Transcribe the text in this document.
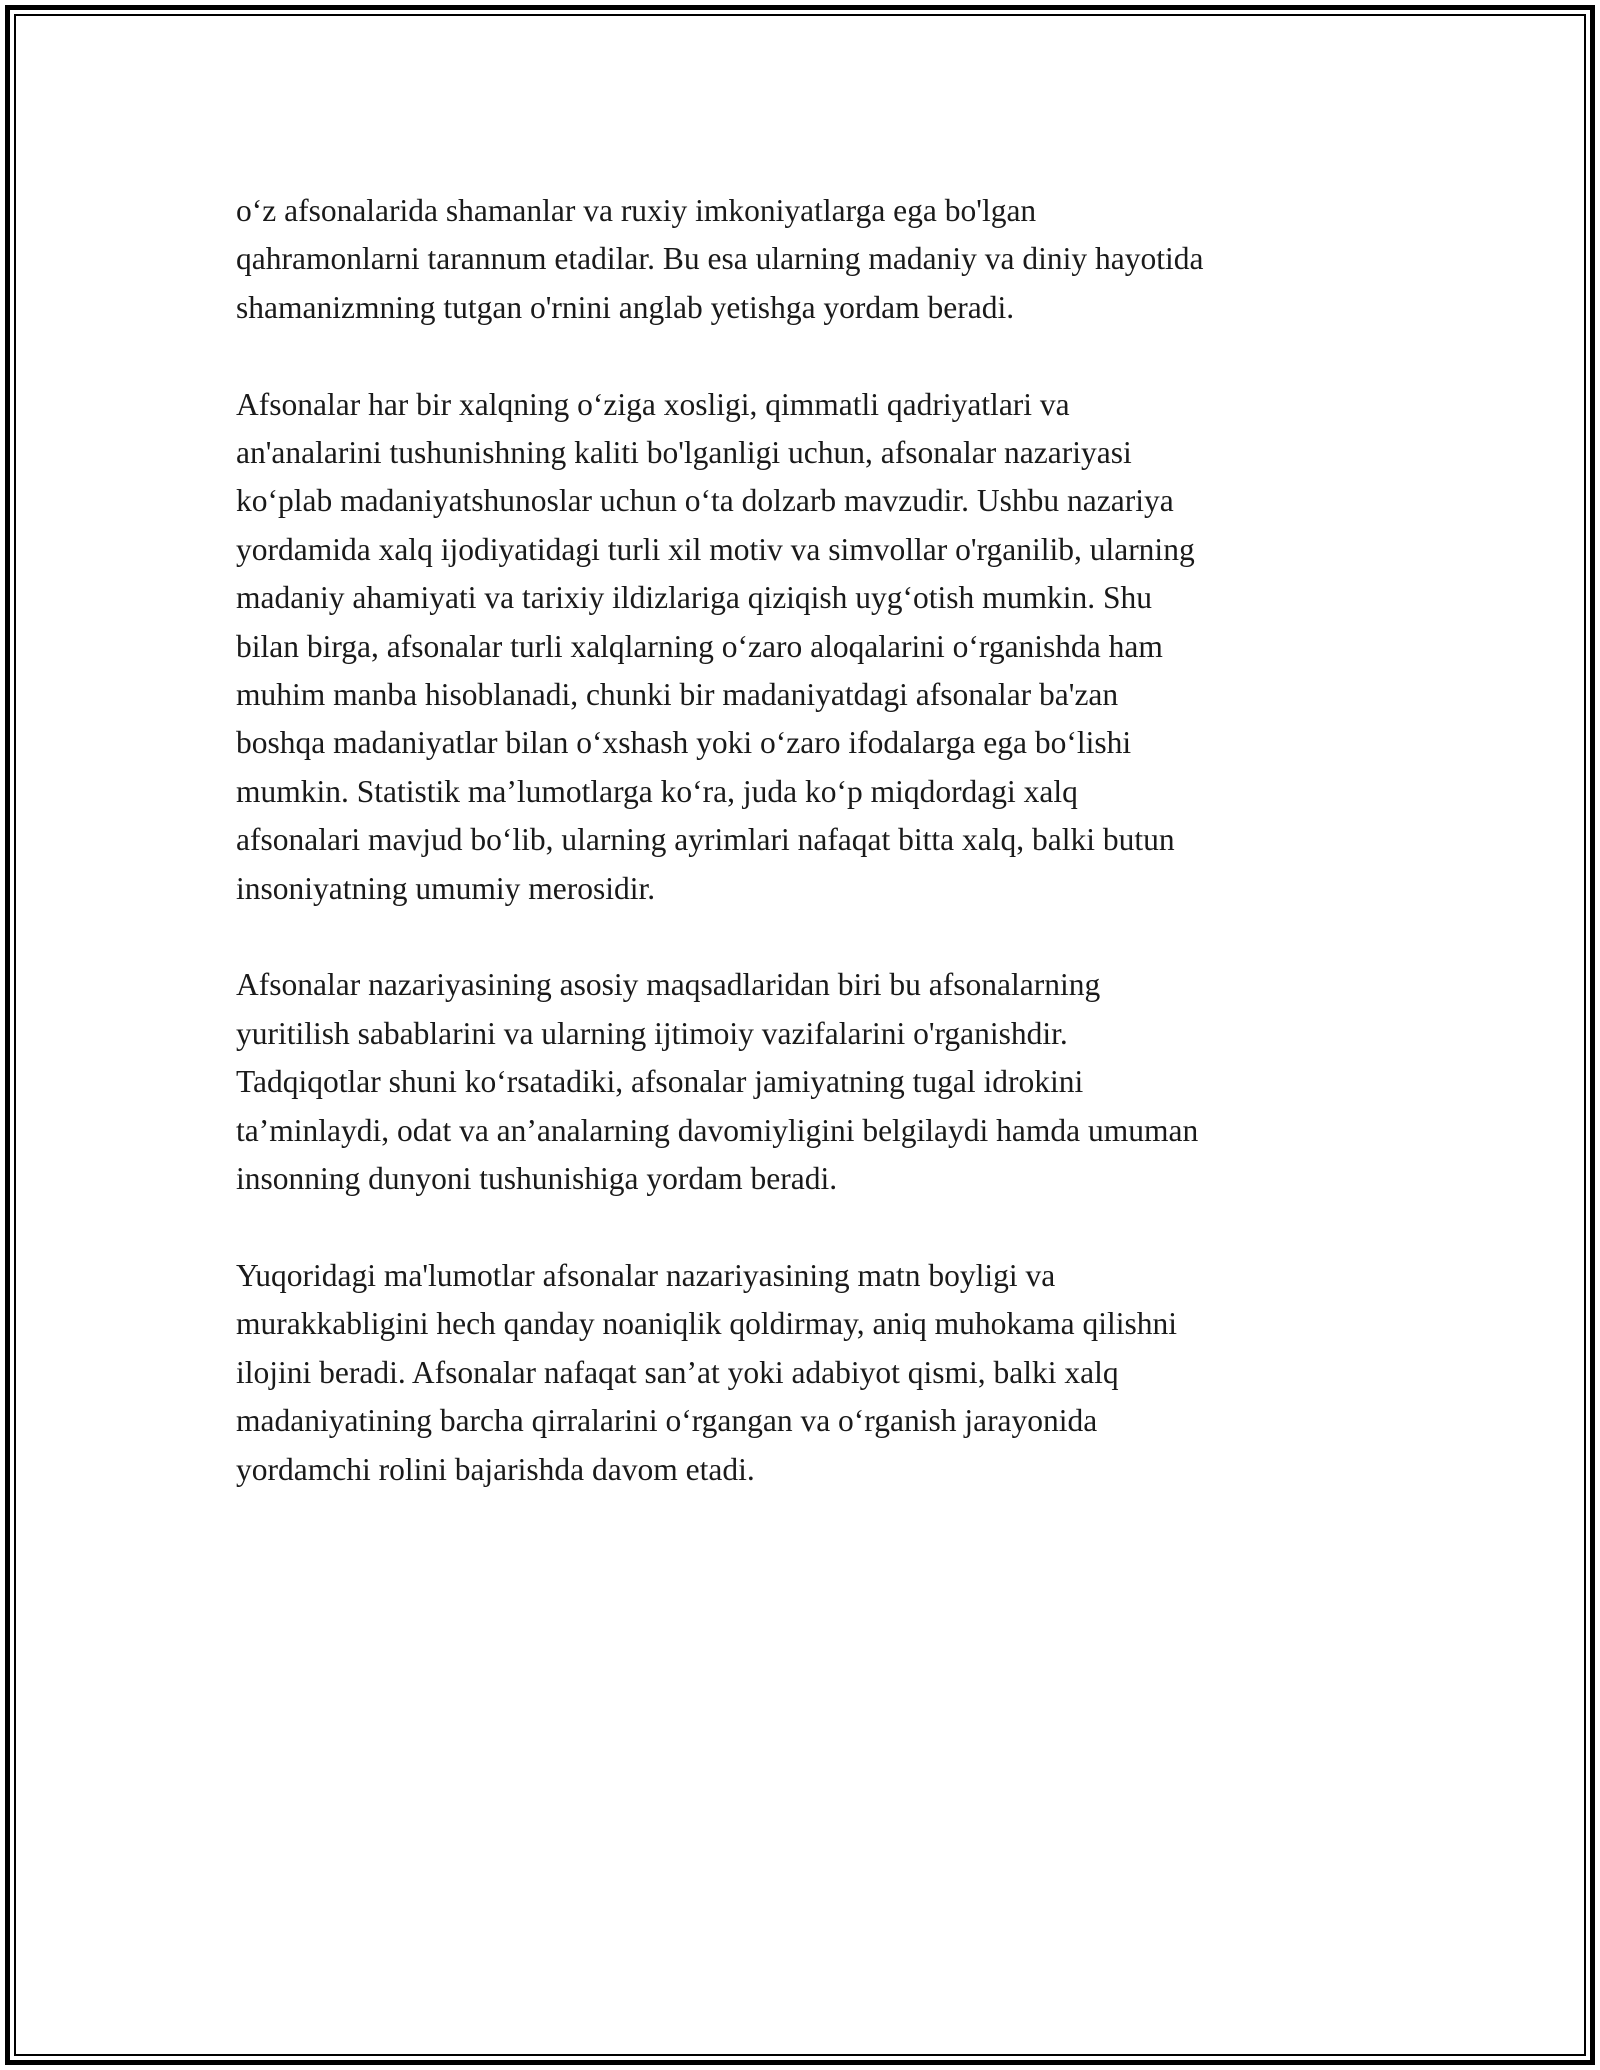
o‘z afsonalarida shamanlar va ruxiy imkoniyatlarga ega bo'lgan
qahramonlarni tarannum etadilar. Bu esa ularning madaniy va diniy hayotida
shamanizmning tutgan o'rnini anglab yetishga yordam beradi.

Afsonalar har bir xalqning o‘ziga xosligi, qimmatli qadriyatlari va
an'analarini tushunishning kaliti bo'lganligi uchun, afsonalar nazariyasi
ko‘plab madaniyatshunoslar uchun o‘ta dolzarb mavzudir. Ushbu nazariya
yordamida xalq ijodiyatidagi turli xil motiv va simvollar o'rganilib, ularning
madaniy ahamiyati va tarixiy ildizlariga qiziqish uyg‘otish mumkin. Shu
bilan birga, afsonalar turli xalqlarning o‘zaro aloqalarini o‘rganishda ham
muhim manba hisoblanadi, chunki bir madaniyatdagi afsonalar ba'zan
boshqa madaniyatlar bilan o‘xshash yoki o‘zaro ifodalarga ega bo‘lishi
mumkin. Statistik ma’lumotlarga ko‘ra, juda ko‘p miqdordagi xalq
afsonalari mavjud bo‘lib, ularning ayrimlari nafaqat bitta xalq, balki butun
insoniyatning umumiy merosidir.

Afsonalar nazariyasining asosiy maqsadlaridan biri bu afsonalarning
yuritilish sabablarini va ularning ijtimoiy vazifalarini o'rganishdir.
Tadqiqotlar shuni ko‘rsatadiki, afsonalar jamiyatning tugal idrokini
ta’minlaydi, odat va an’analarning davomiyligini belgilaydi hamda umuman
insonning dunyoni tushunishiga yordam beradi.

Yuqoridagi ma'lumotlar afsonalar nazariyasining matn boyligi va
murakkabligini hech qanday noaniqlik qoldirmay, aniq muhokama qilishni
ilojini beradi. Afsonalar nafaqat san’at yoki adabiyot qismi, balki xalq
madaniyatining barcha qirralarini o‘rgangan va o‘rganish jarayonida
yordamchi rolini bajarishda davom etadi.
